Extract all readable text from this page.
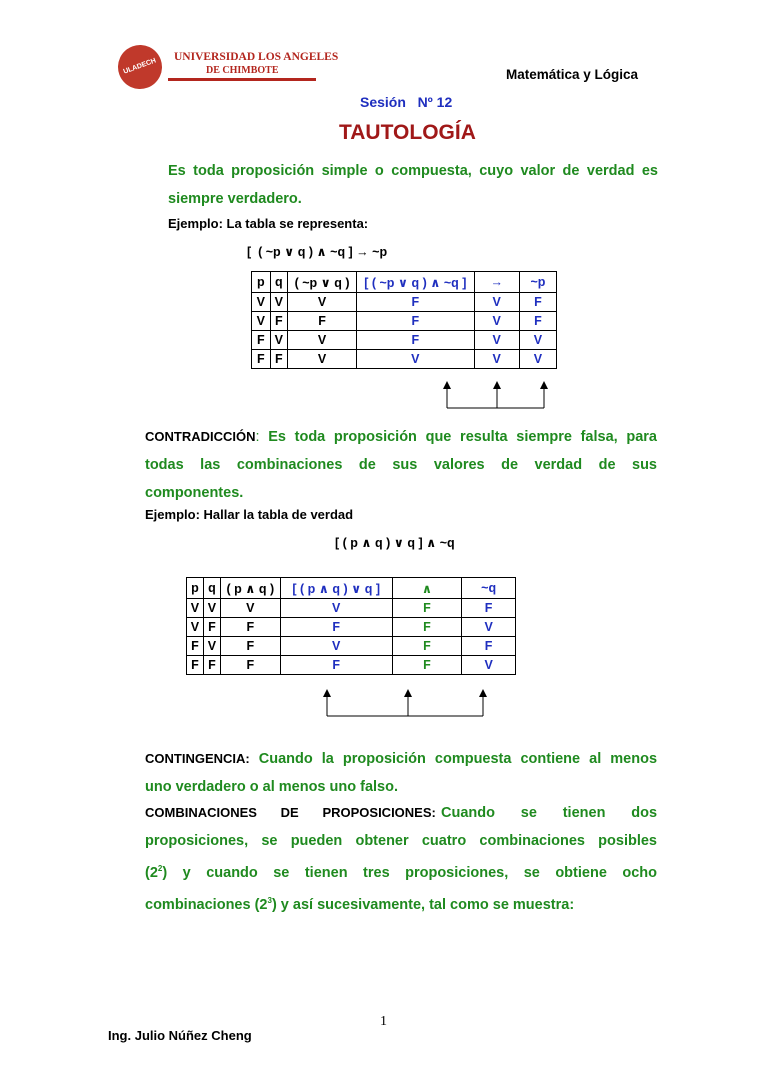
ULADECH
UNIVERSIDAD LOS ANGELES
DE CHIMBOTE	Matemática y Lógica
Sesión   Nº 12
TAUTOLOGÍA
Es toda proposición simple o compuesta, cuyo valor de verdad es
siempre verdadero.
Ejemplo: La tabla se representa:
[  ( ~p ∨ q ) ∧ ~q ] → ~p
p	q	( ~p ∨ q )	[ ( ~p ∨ q ) ∧ ~q ]	→	~p
V	V	V	F	V	F
V	F	F	F	V	F
F	V	V	F	V	V
F	F	V	V	V	V
CONTRADICCIÓN: Es toda proposición que resulta siempre falsa, para
todas las combinaciones de sus valores de verdad de sus
componentes.
Ejemplo: Hallar la tabla de verdad
[ ( p ∧ q ) ∨ q ] ∧ ~q
p	q	( p ∧ q )	[ ( p ∧ q ) ∨ q ]	∧	~q
V	V	V	V	F	F
V	F	F	F	F	V
F	V	F	V	F	F
F	F	F	F	F	V
CONTINGENCIA: Cuando la proposición compuesta contiene al menos
uno verdadero o al menos uno falso.
COMBINACIONES     DE     PROPOSICIONES: Cuando     se     tienen     dos
proposiciones, se pueden obtener cuatro combinaciones posibles
$(2^2)$ y cuando se tienen tres proposiciones, se obtiene ocho
combinaciones $(2^3)$ y así sucesivamente, tal como se muestra:
1
Ing. Julio Núñez Cheng
